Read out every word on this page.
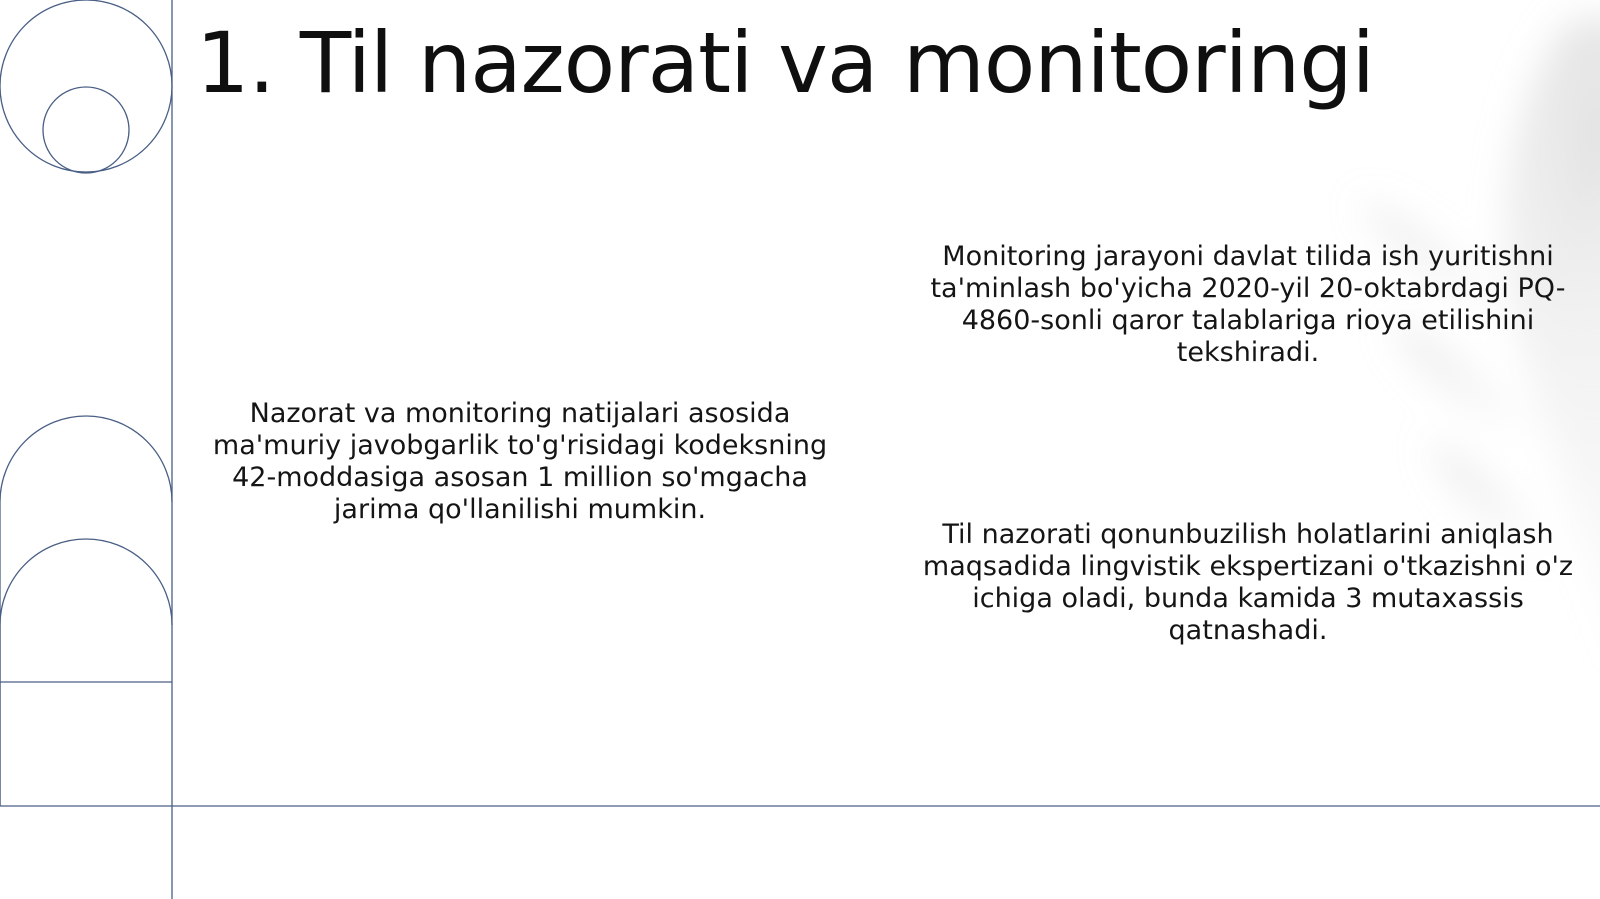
1. Til nazorati va monitoringi

Nazorat va monitoring natijalari asosida ma'muriy javobgarlik to'g'risidagi kodeksning 42-moddasiga asosan 1 million so'mgacha jarima qo'llanilishi mumkin.

Monitoring jarayoni davlat tilida ish yuritishni ta'minlash bo'yicha 2020-yil 20-oktabrdagi PQ-4860-sonli qaror talablariga rioya etilishini tekshiradi.

Til nazorati qonunbuzilish holatlarini aniqlash maqsadida lingvistik ekspertizani o'tkazishni o'z ichiga oladi, bunda kamida 3 mutaxassis qatnashadi.
